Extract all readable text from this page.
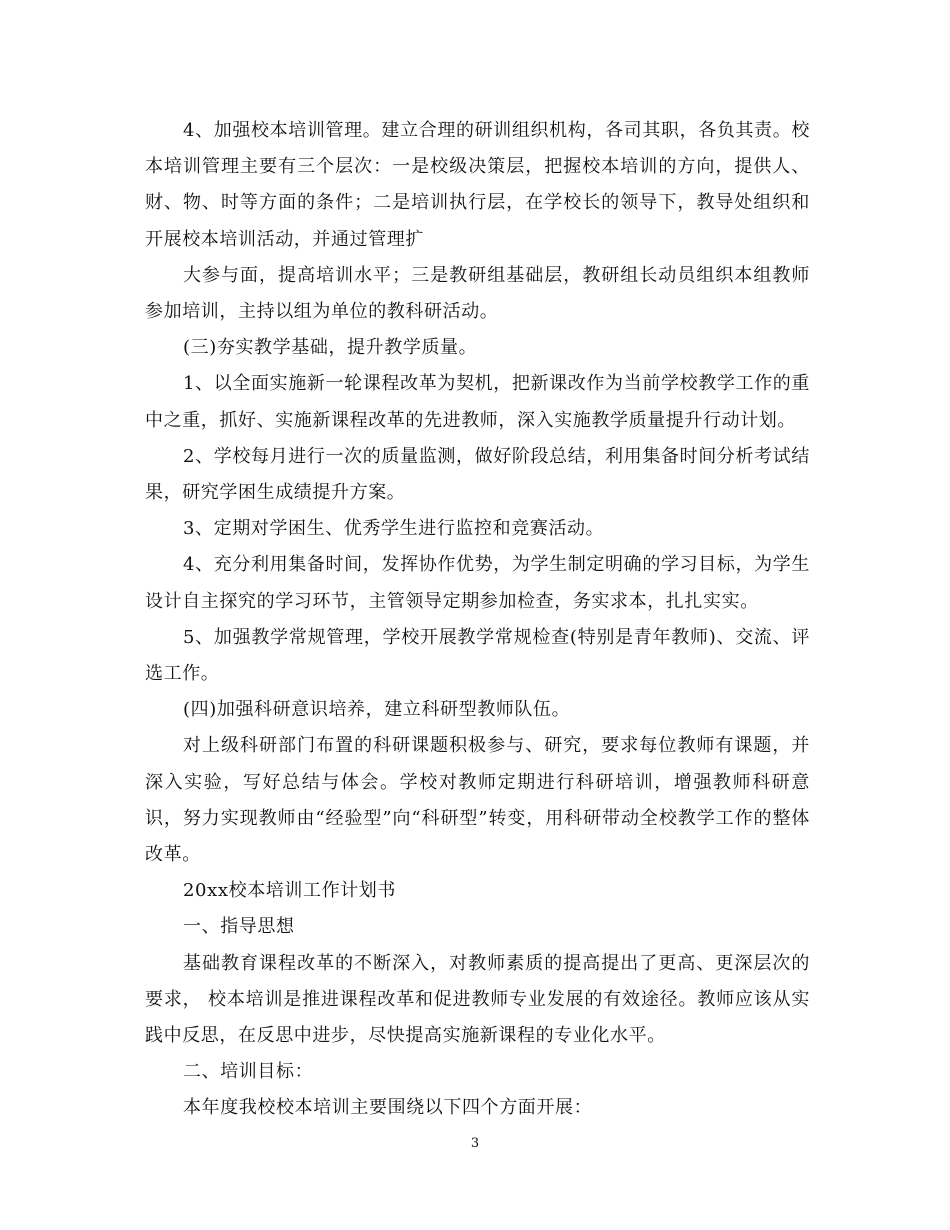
4、加强校本培训管理。建立合理的研训组织机构，各司其职，各负其责。校本培训管理主要有三个层次：一是校级决策层，把握校本培训的方向，提供人、财、物、时等方面的条件；二是培训执行层，在学校长的领导下，教导处组织和开展校本培训活动，并通过管理扩

大参与面，提高培训水平；三是教研组基础层，教研组长动员组织本组教师参加培训，主持以组为单位的教科研活动。

(三)夯实教学基础，提升教学质量。

1、以全面实施新一轮课程改革为契机，把新课改作为当前学校教学工作的重中之重，抓好、实施新课程改革的先进教师，深入实施教学质量提升行动计划。

2、学校每月进行一次的质量监测，做好阶段总结，利用集备时间分析考试结果，研究学困生成绩提升方案。

3、定期对学困生、优秀学生进行监控和竞赛活动。

4、充分利用集备时间，发挥协作优势，为学生制定明确的学习目标，为学生设计自主探究的学习环节，主管领导定期参加检查，务实求本，扎扎实实。

5、加强教学常规管理，学校开展教学常规检查(特别是青年教师)、交流、评选工作。

(四)加强科研意识培养，建立科研型教师队伍。

对上级科研部门布置的科研课题积极参与、研究，要求每位教师有课题，并深入实验，写好总结与体会。学校对教师定期进行科研培训，增强教师科研意识，努力实现教师由“经验型”向“科研型”转变，用科研带动全校教学工作的整体改革。

20xx校本培训工作计划书

一、指导思想

基础教育课程改革的不断深入，对教师素质的提高提出了更高、更深层次的要求， 校本培训是推进课程改革和促进教师专业发展的有效途径。教师应该从实践中反思，在反思中进步，尽快提高实施新课程的专业化水平。

二、培训目标：

本年度我校校本培训主要围绕以下四个方面开展：

3
